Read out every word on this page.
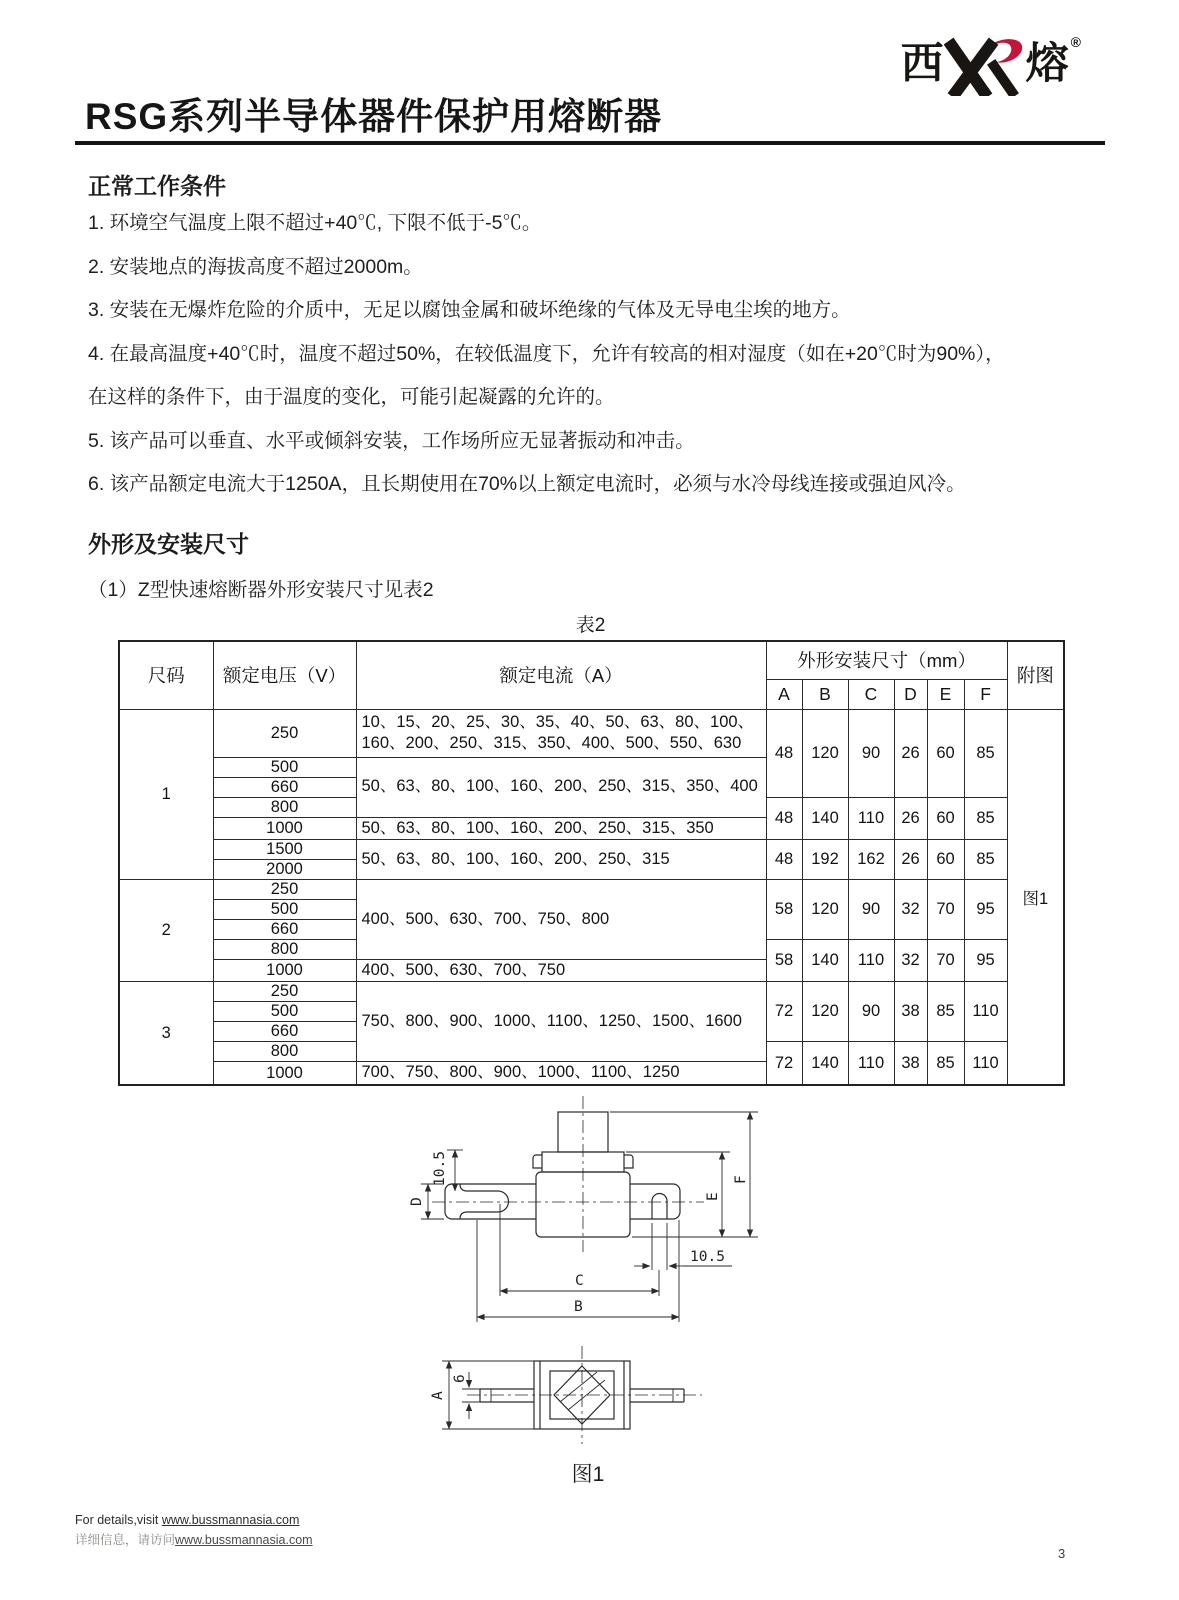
西 熔 ®
RSG系列半导体器件保护用熔断器
正常工作条件

1. 环境空气温度上限不超过+40℃, 下限不低于-5℃。

2. 安装地点的海拔高度不超过2000m。

3. 安装在无爆炸危险的介质中，无足以腐蚀金属和破坏绝缘的气体及无导电尘埃的地方。

4. 在最高温度+40℃时，温度不超过50%，在较低温度下，允许有较高的相对湿度（如在+20℃时为90%），

在这样的条件下，由于温度的变化，可能引起凝露的允许的。

5. 该产品可以垂直、水平或倾斜安装，工作场所应无显著振动和冲击。

6. 该产品额定电流大于1250A，且长期使用在70%以上额定电流时，必须与水冷母线连接或强迫风冷。

外形及安装尺寸
（1）Z型快速熔断器外形安装尺寸见表2
表2
尺码	额定电压（V）	额定电流（A）	外形安装尺寸（mm）						附图
			A	B	C	D	E	F	
1	250	10、15、20、25、30、35、40、50、63、80、100、160、200、250、315、350、400、500、550、630	48	120	90	26	60	85	图1
	500	50、63、80、100、160、200、250、315、350、400							
	660								
	800		48	140	110	26	60	85	
	1000	50、63、80、100、160、200、250、315、350							
	1500	50、63、80、100、160、200、250、315	48	192	162	26	60	85	
	2000								
2	250	400、500、630、700、750、800	58	120	90	32	70	95	
	500								
	660								
	800		58	140	110	32	70	95	
	1000	400、500、630、700、750							
3	250	750、800、900、1000、1100、1250、1500、1600	72	120	90	38	85	110	
	500								
	660								
	800		72	140	110	38	85	110	
	1000	700、750、800、900、1000、1100、1250							
D
10.5
E
F
10.5
C
B
A
6
图1
For details,visit www.bussmannasia.com
详细信息，请访问www.bussmannasia.com
3
